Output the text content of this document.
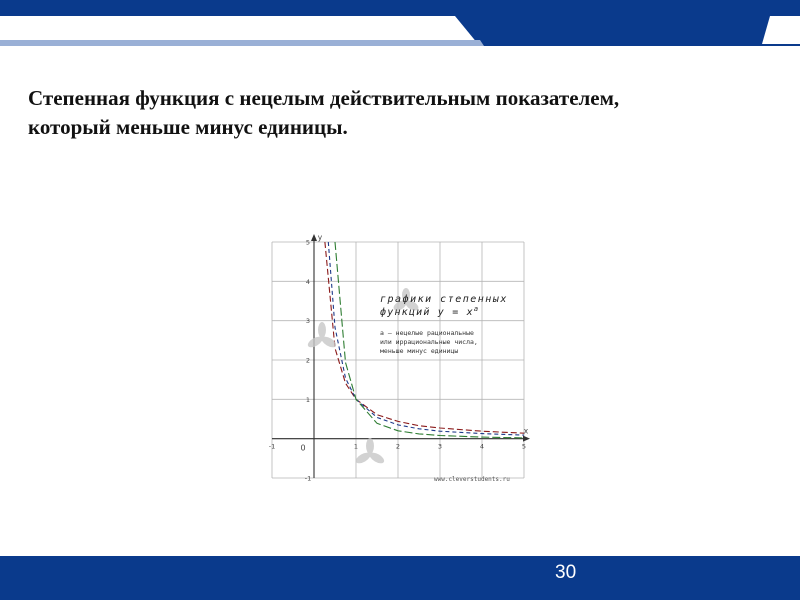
Степенная функция с нецелым действительным показателем,
который меньше минус единицы.
графики степенных
функций $y = x^a$
a – нецелые рациональные
или иррациональные числа,
меньше минус единицы
www.cleverstudents.ru
-1	1	2	3	4	5
-1
1
2
3
4
5
x
y
0
30
